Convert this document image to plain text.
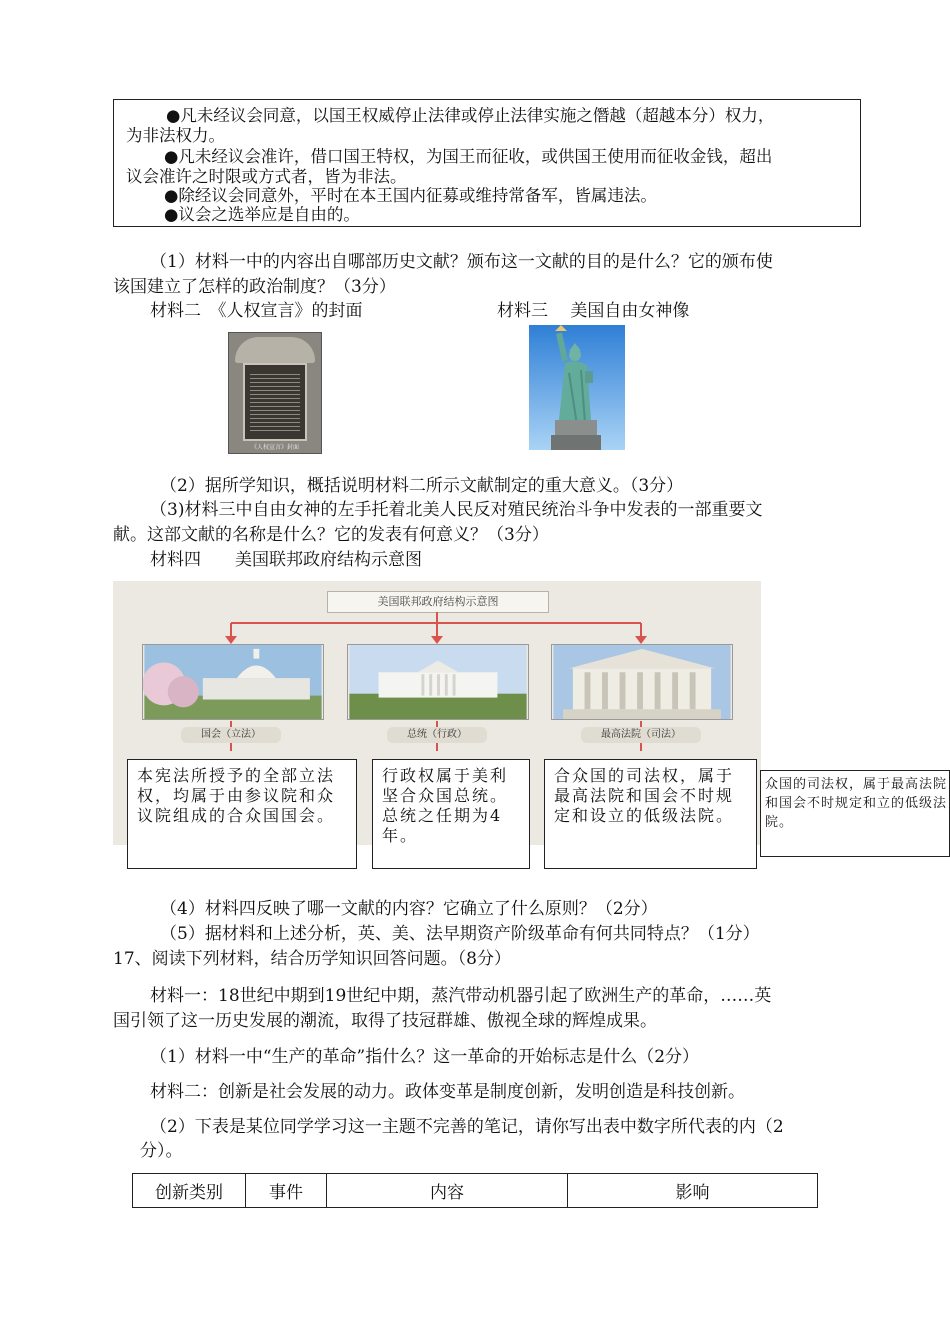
●凡未经议会同意，以国王权威停止法律或停止法律实施之僭越（超越本分）权力，
为非法权力。
●凡未经议会准许，借口国王特权，为国王而征收，或供国王使用而征收金钱，超出
议会准许之时限或方式者，皆为非法。
●除经议会同意外，平时在本王国内征募或维持常备军，皆属违法。
●议会之选举应是自由的。
（1）材料一中的内容出自哪部历史文献？颁布这一文献的目的是什么？它的颁布使
该国建立了怎样的政治制度？（3分）
材料二　《人权宣言》的封面	材料三　 美国自由女神像
《人权宣言》封面
（2）据所学知识，概括说明材料二所示文献制定的重大意义。（3分）
（3)材料三中自由女神的左手托着北美人民反对殖民统治斗争中发表的一部重要文
献。这部文献的名称是什么？它的发表有何意义？（3分）
材料四　　美国联邦政府结构示意图
美国联邦政府结构示意图
国会（立法）	总统（行政）	最高法院（司法）
本宪法所授予的全部立法权，均属于由参议院和众议院组成的合众国国会。
行政权属于美利坚合众国总统。总统之任期为4年。
合众国的司法权，属于最高法院和国会不时规定和设立的低级法院。
众国的司法权，属于最高法院和国会不时规定和立的低级法院。
（4）材料四反映了哪一文献的内容？它确立了什么原则？（2分）
（5）据材料和上述分析，英、美、法早期资产阶级革命有何共同特点？（1分）
17、阅读下列材料，结合历学知识回答问题。（8分）
材料一：18世纪中期到19世纪中期，蒸汽带动机器引起了欧洲生产的革命，……英
国引领了这一历史发展的潮流，取得了技冠群雄、傲视全球的辉煌成果。
（1）材料一中“生产的革命”指什么？这一革命的开始标志是什么（2分）
材料二：创新是社会发展的动力。政体变革是制度创新，发明创造是科技创新。
（2）下表是某位同学学习这一主题不完善的笔记，请你写出表中数字所代表的内（2
分）。
创新类别	事件	内容	影响
